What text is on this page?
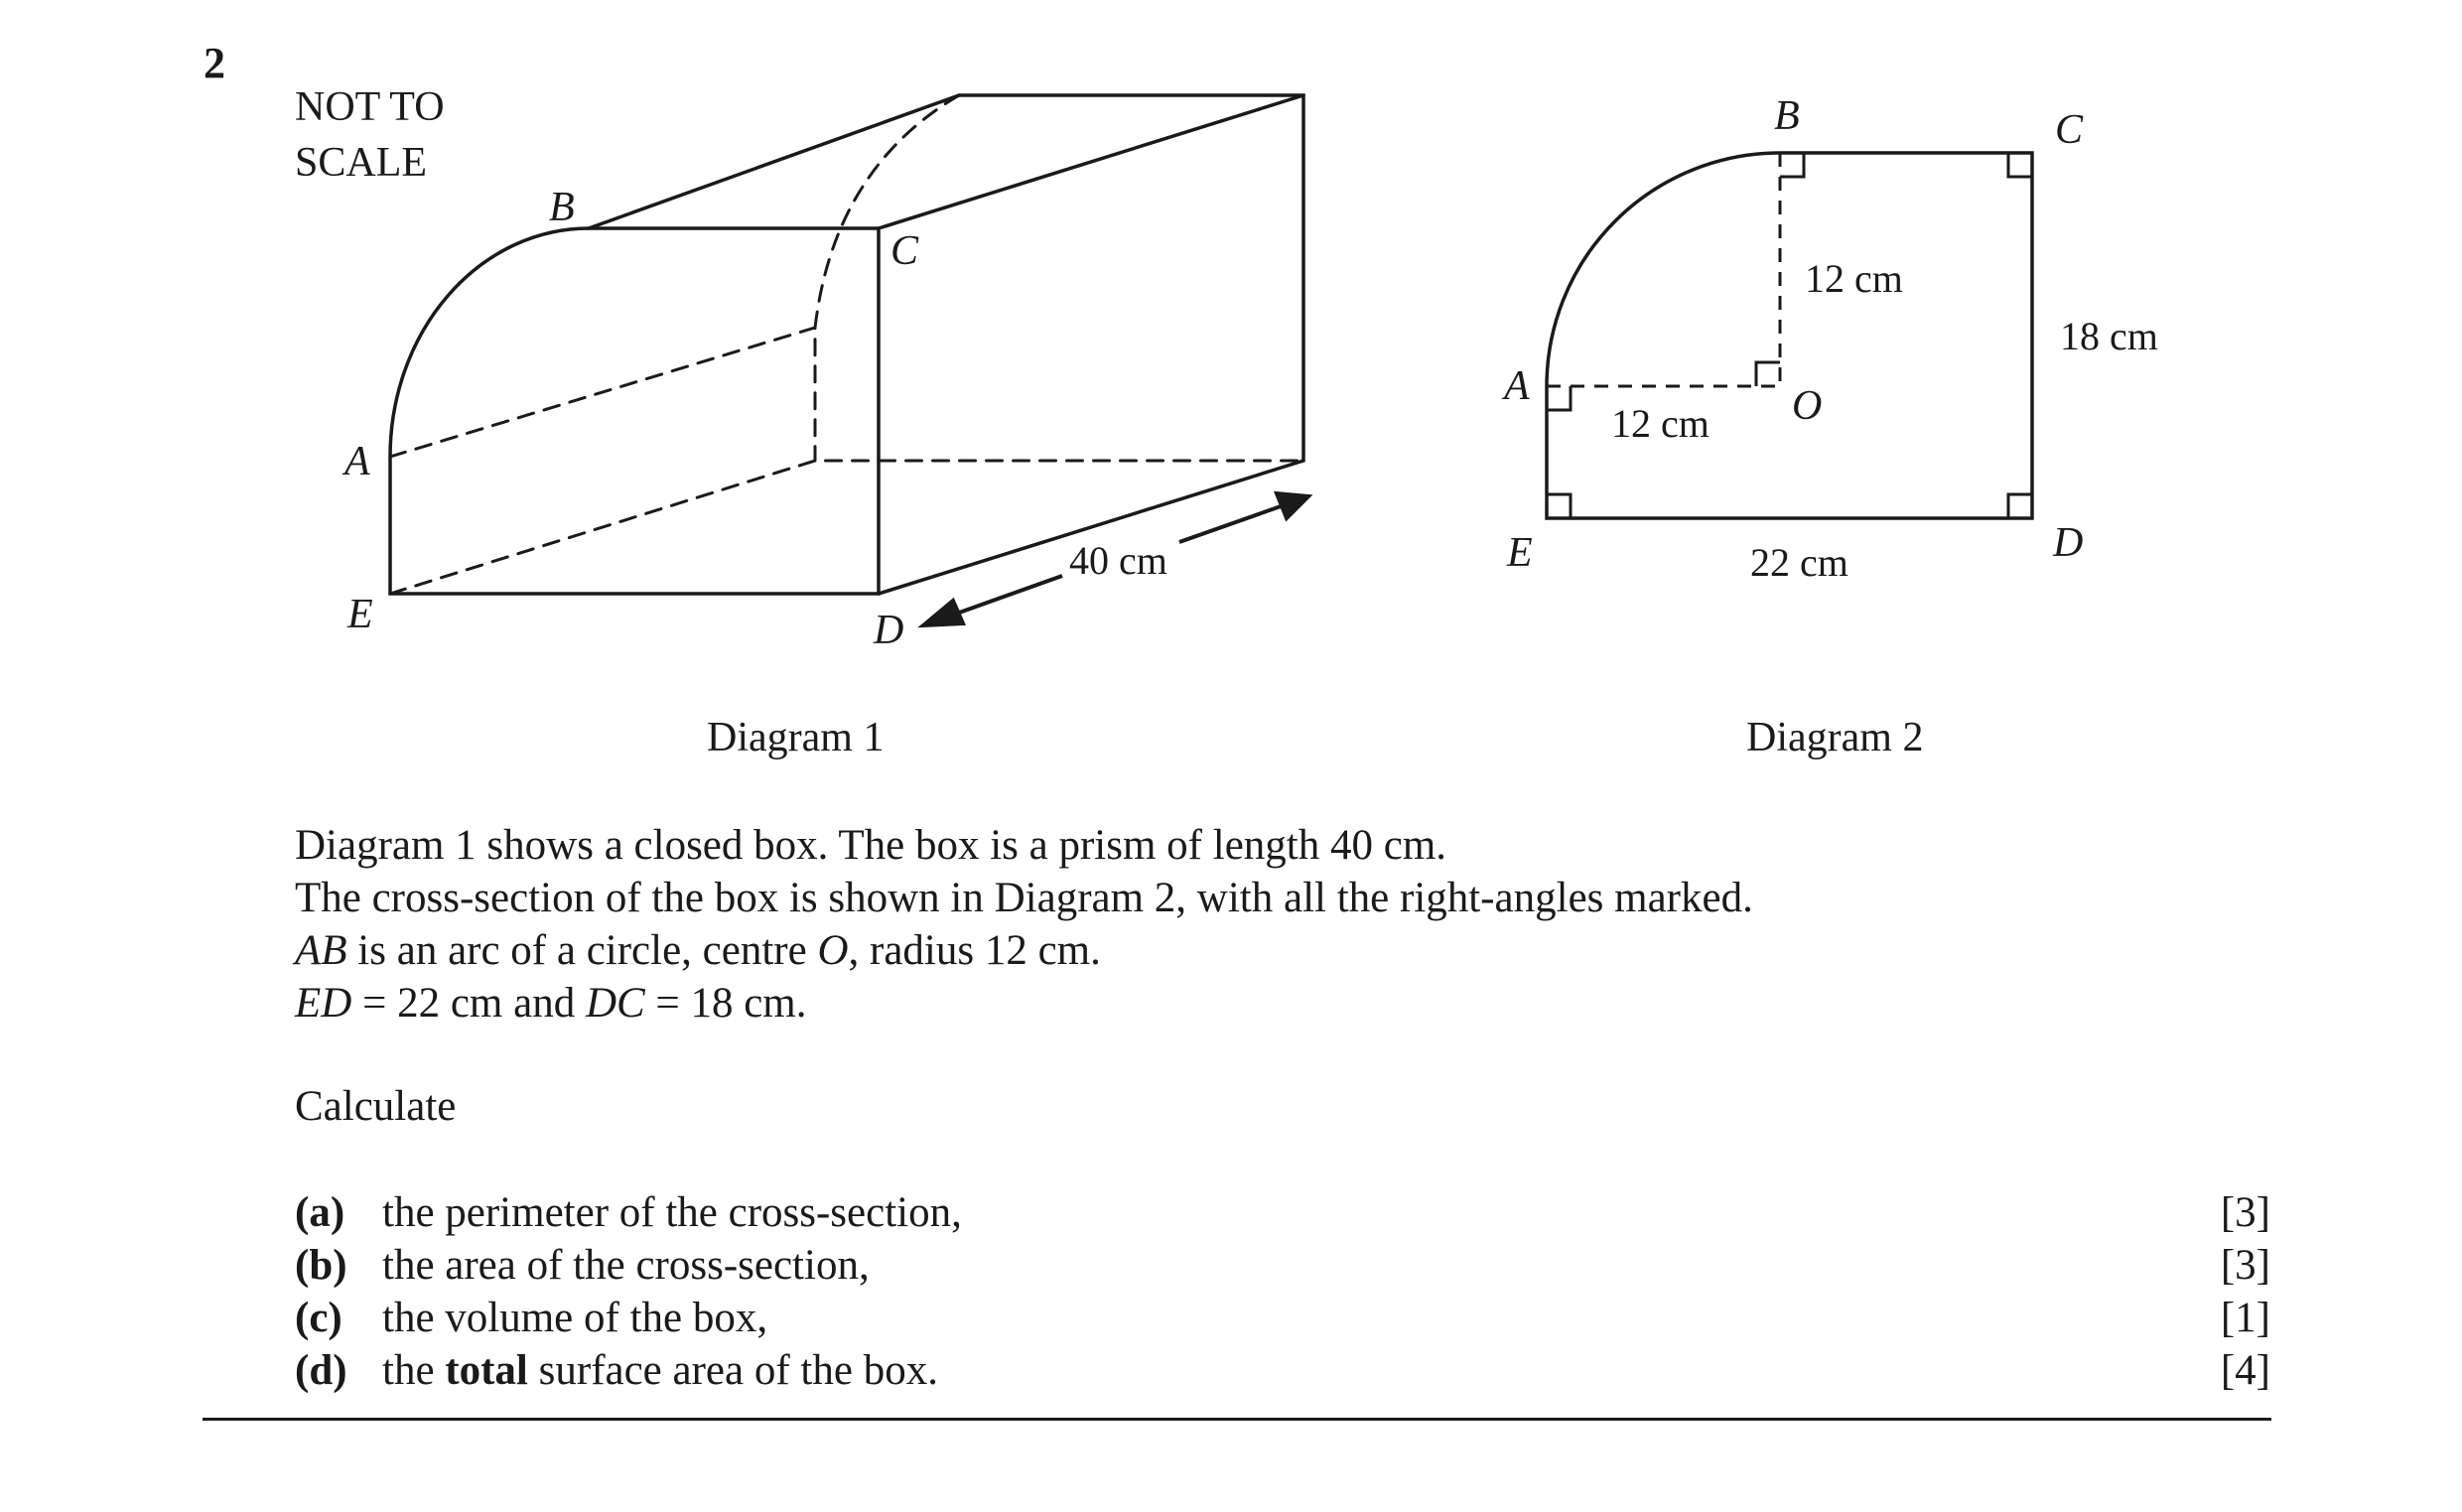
2
NOT TO
SCALE
B
C
A
E	D
40 cm
Diagram 1
B	C
A	O
E	D
12 cm
12 cm
18 cm
22 cm
Diagram 2
Diagram 1 shows a closed box. The box is a prism of length 40 cm.
The cross-section of the box is shown in Diagram 2, with all the right-angles marked.
AB is an arc of a circle, centre O, radius 12 cm.
ED = 22 cm and DC = 18 cm.
Calculate
(a) the perimeter of the cross-section,	[3]
(b) the area of the cross-section,	[3]
(c) the volume of the box,	[1]
(d) the total surface area of the box.	[4]
